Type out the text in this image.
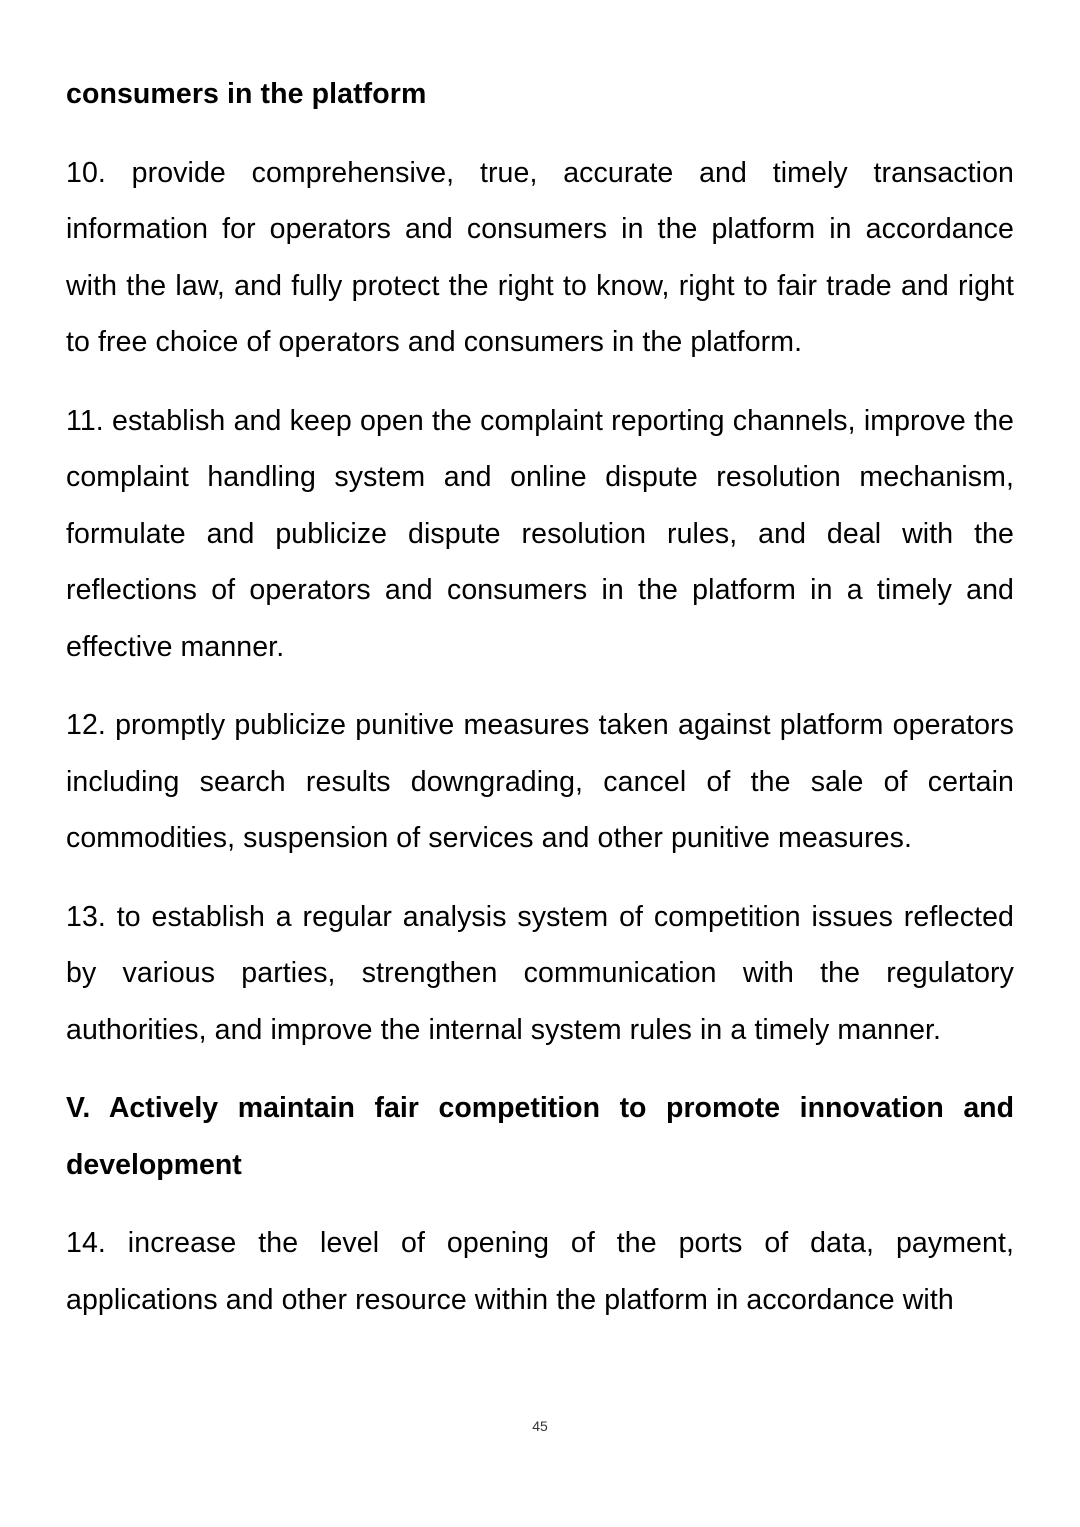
consumers in the platform

10. provide comprehensive, true, accurate and timely transaction information for operators and consumers in the platform in accordance with the law, and fully protect the right to know, right to fair trade and right to free choice of operators and consumers in the platform.

11. establish and keep open the complaint reporting channels, improve the complaint handling system and online dispute resolution mechanism, formulate and publicize dispute resolution rules, and deal with the reflections of operators and consumers in the platform in a timely and effective manner.

12. promptly publicize punitive measures taken against platform operators including search results downgrading, cancel of the sale of certain commodities, suspension of services and other punitive measures.

13. to establish a regular analysis system of competition issues reflected by various parties, strengthen communication with the regulatory authorities, and improve the internal system rules in a timely manner.

V. Actively maintain fair competition to promote innovation and development

14. increase the level of opening of the ports of data, payment, applications and other resource within the platform in accordance with

45
